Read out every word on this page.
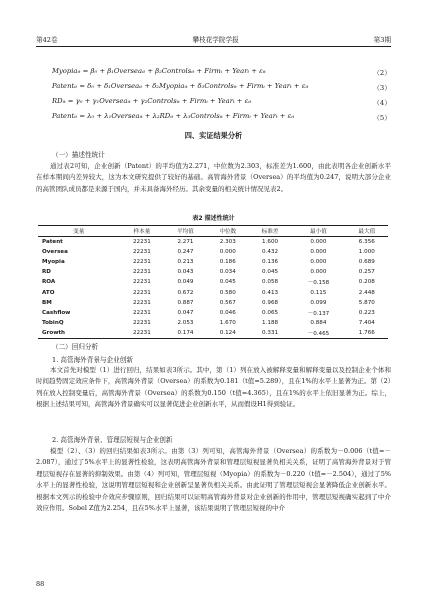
第42卷	攀枝花学院学报	第3期
Myopiaᵢₜ = β₀ + β₁Overseaᵢₜ + β₂Controlsᵢₜ + Firmᵢ + Yearₜ + εᵢₜ	（2）
Patentᵢₜ = δ₀ + δ₁Overseaᵢₜ + δ₂Myopiaᵢₜ + δ₃Controlsᵢₜ + Firmᵢ + Yearₜ + εᵢₜ	（3）
RDᵢₜ = γ₀ + γ₁Overseaᵢₜ + γ₂Controlsᵢₜ + Firmᵢ + Yearₜ + εᵢₜ	（4）
Patentᵢₜ = λ₀ + λ₁Overseaᵢₜ + λ₂RDᵢₜ + λ₃Controlsᵢₜ + Firmᵢ + Yearₜ + εᵢₜ	（5）
四、实证结果分析
（一）描述性统计

通过表2可知，企业创新（Patent）的平均值为2.271，中位数为2.303，标准差为1.600，由此表明各企业创新水平在样本期间内差异较大，这为本文研究提供了较好的基础。高管海外背景（Oversea）的平均值为0.247，说明大部分企业的高管团队成员都是来源于国内，并未具备海外经历。其余变量的相关统计情况见表2。

表2 描述性统计
变量	样本量	平均值	中位数	标准差	最小值	最大值
Patent	22231	2.271	2.303	1.600	0.000	6.356
Oversea	22231	0.247	0.000	0.432	0.000	1.000
Myopia	22231	0.213	0.186	0.136	0.000	0.689
RD	22231	0.043	0.034	0.045	0.000	0.257
ROA	22231	0.049	0.045	0.058	－0.158	0.208
ATO	22231	0.672	0.580	0.413	0.115	2.448
BM	22231	0.887	0.567	0.968	0.099	5.870
Cashflow	22231	0.047	0.046	0.065	－0.137	0.223
TobinQ	22231	2.053	1.670	1.188	0.884	7.404
Growth	22231	0.174	0.124	0.331	－0.465	1.766
（二）回归分析
1. 高管海外背景与企业创新

本文首先对模型（1）进行回归，结果如表3所示。其中，第（1）列在放入被解释变量和解释变量以及控制企业个体和时间趋势固定效应条件下，高管海外背景（Oversea）的系数为0.181（t值=5.289），且在1%的水平上显著为正。第（2）列在放入控制变量后，高管海外背景（Oversea）的系数为0.150（t值=4.365），且在1%的水平上依旧显著为正。综上，根据上述结果可知，高管海外背景确实可以显著促进企业创新水平，从而假设H1得到验证。

2. 高管海外背景、管理层短视与企业创新

模型（2）、（3）的回归结果如表3所示。由第（3）列可知，高管海外背景（Oversea）的系数为－0.006（t值=－2.087），通过了5%水平上的显著性检验，这表明高管海外背景和管理层短视显著负相关关系，证明了高管海外背景对于管理层短视存在显著的抑制效果。由第（4）列可知，管理层短视（Myopia）的系数为－0.220（t值=－2.504），通过了5%水平上的显著性检验，这说明管理层短视和企业创新呈显著负相关关系。由此证明了管理层短视会显著降低企业创新水平。根据本文列示的检验中介效应步骤原则，回归结果可以证明高管海外背景对企业创新的作用中，管理层短视确实起到了中介效应作用。Sobel Z值为2.254，且在5%水平上显著，该结果说明了管理层短视的中介

88
